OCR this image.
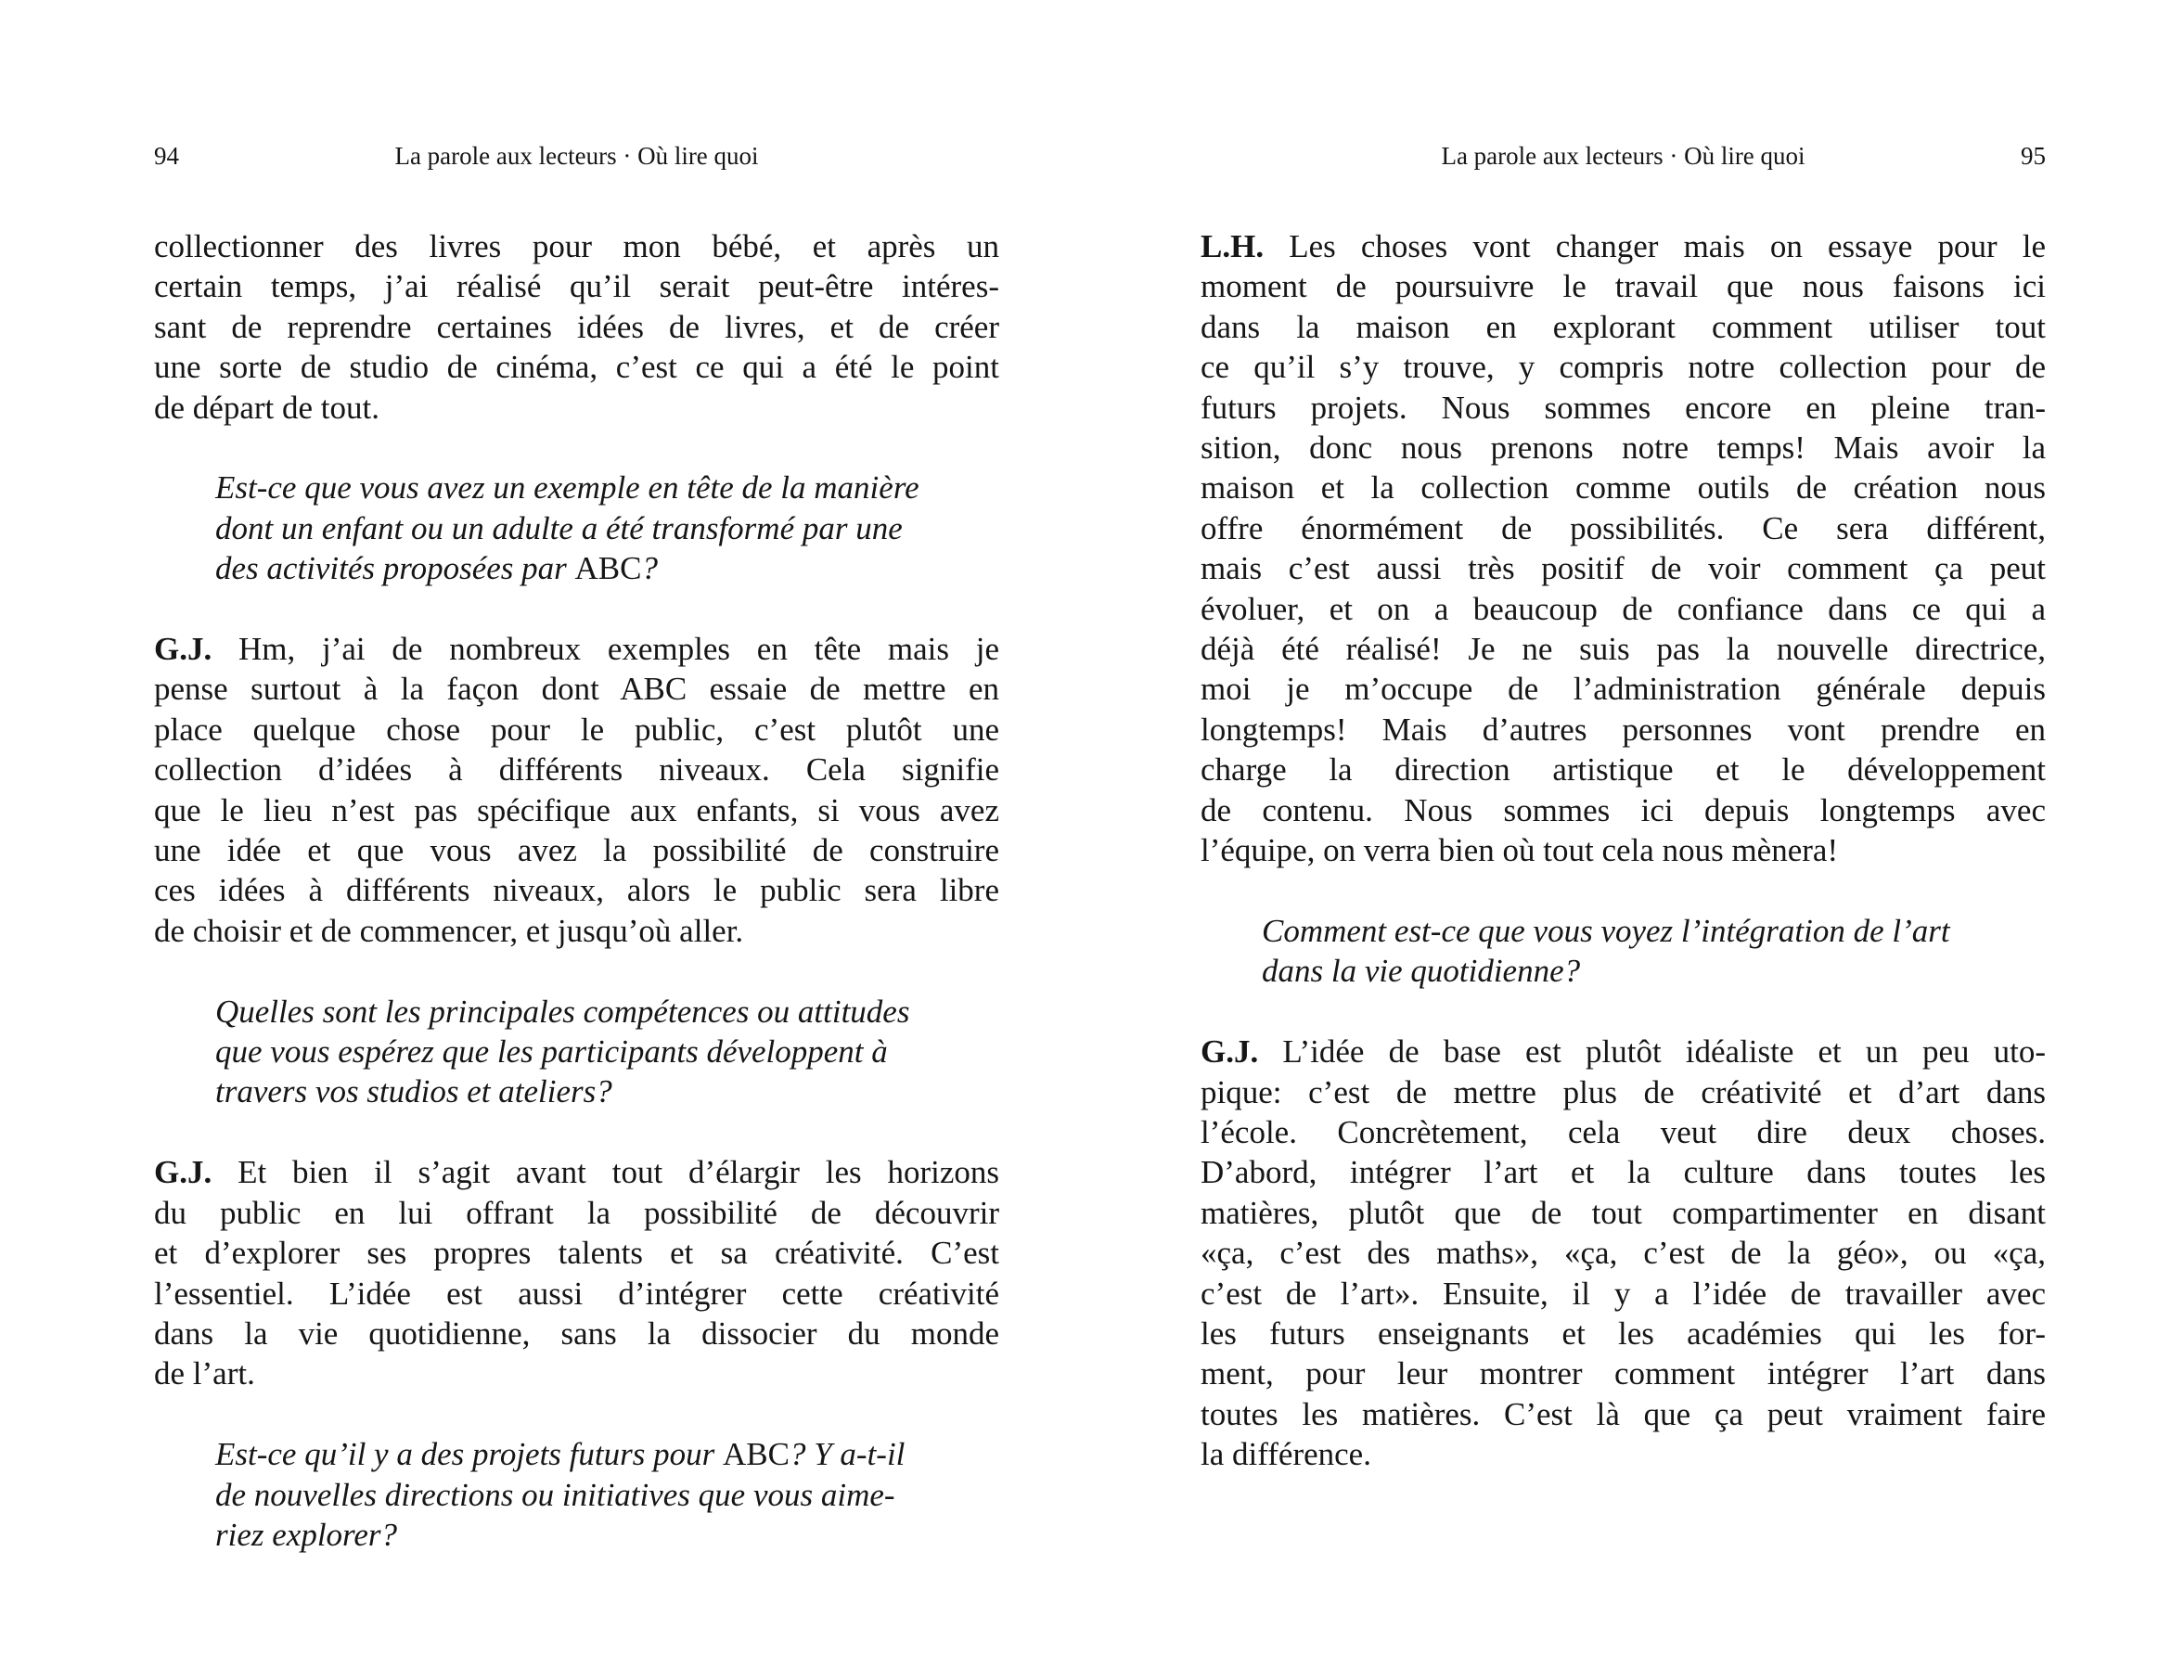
94	La parole aux lecteurs · Où lire quoi
collectionner des livres pour mon bébé, et après un
certain temps, j’ai réalisé qu’il serait peut-être intéres-
sant de reprendre certaines idées de livres, et de créer
une sorte de studio de cinéma, c’est ce qui a été le point
de départ de tout.
Est-ce que vous avez un exemple en tête de la manière
dont un enfant ou un adulte a été transformé par une
des activités proposées par ABC?
G.J. Hm, j’ai de nombreux exemples en tête mais je
pense surtout à la façon dont ABC essaie de mettre en
place quelque chose pour le public, c’est plutôt une
collection d’idées à différents niveaux. Cela signifie
que le lieu n’est pas spécifique aux enfants, si vous avez
une idée et que vous avez la possibilité de construire
ces idées à différents niveaux, alors le public sera libre
de choisir et de commencer, et jusqu’où aller.
Quelles sont les principales compétences ou attitudes
que vous espérez que les participants développent à
travers vos studios et ateliers?
G.J. Et bien il s’agit avant tout d’élargir les horizons
du public en lui offrant la possibilité de découvrir
et d’explorer ses propres talents et sa créativité. C’est
l’essentiel. L’idée est aussi d’intégrer cette créativité
dans la vie quotidienne, sans la dissocier du monde
de l’art.
Est-ce qu’il y a des projets futurs pour ABC? Y a-t-il
de nouvelles directions ou initiatives que vous aime-
riez explorer?
La parole aux lecteurs · Où lire quoi	95
L.H. Les choses vont changer mais on essaye pour le
moment de poursuivre le travail que nous faisons ici
dans la maison en explorant comment utiliser tout
ce qu’il s’y trouve, y compris notre collection pour de
futurs projets. Nous sommes encore en pleine tran-
sition, donc nous prenons notre temps! Mais avoir la
maison et la collection comme outils de création nous
offre énormément de possibilités. Ce sera différent,
mais c’est aussi très positif de voir comment ça peut
évoluer, et on a beaucoup de confiance dans ce qui a
déjà été réalisé! Je ne suis pas la nouvelle directrice,
moi je m’occupe de l’administration générale depuis
longtemps! Mais d’autres personnes vont prendre en
charge la direction artistique et le développement
de contenu. Nous sommes ici depuis longtemps avec
l’équipe, on verra bien où tout cela nous mènera!
Comment est-ce que vous voyez l’intégration de l’art
dans la vie quotidienne?
G.J. L’idée de base est plutôt idéaliste et un peu uto-
pique: c’est de mettre plus de créativité et d’art dans
l’école. Concrètement, cela veut dire deux choses.
D’abord, intégrer l’art et la culture dans toutes les
matières, plutôt que de tout compartimenter en disant
«ça, c’est des maths», «ça, c’est de la géo», ou «ça,
c’est de l’art». Ensuite, il y a l’idée de travailler avec
les futurs enseignants et les académies qui les for-
ment, pour leur montrer comment intégrer l’art dans
toutes les matières. C’est là que ça peut vraiment faire
la différence.
